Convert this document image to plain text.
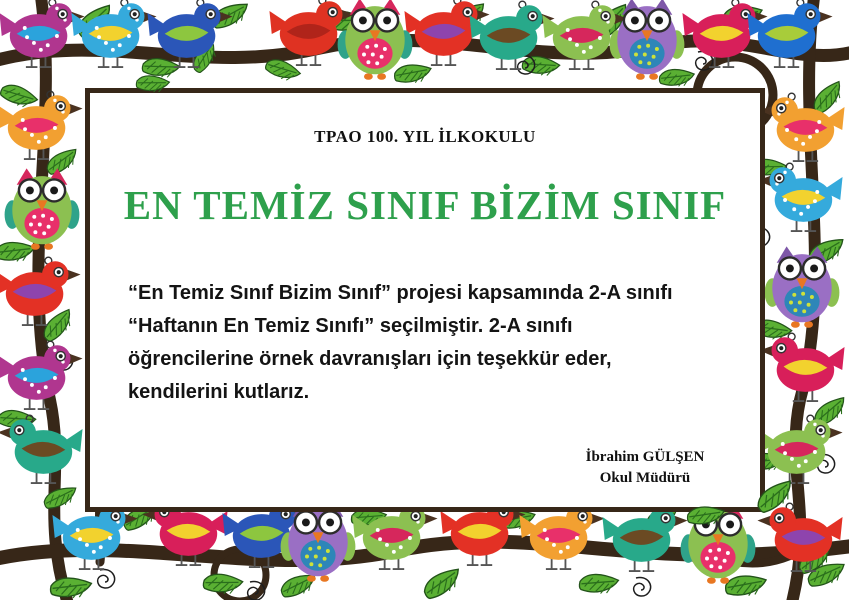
TPAO 100. YIL İLKOKULU
EN TEMİZ SINIF BİZİM SINIF
“En Temiz Sınıf Bizim Sınıf” projesi kapsamında 2-A sınıfı
“Haftanın En Temiz Sınıfı” seçilmiştir. 2-A sınıfı
öğrencilerine örnek davranışları için teşekkür eder,
kendilerini kutlarız.
İbrahim GÜLŞEN
Okul Müdürü
